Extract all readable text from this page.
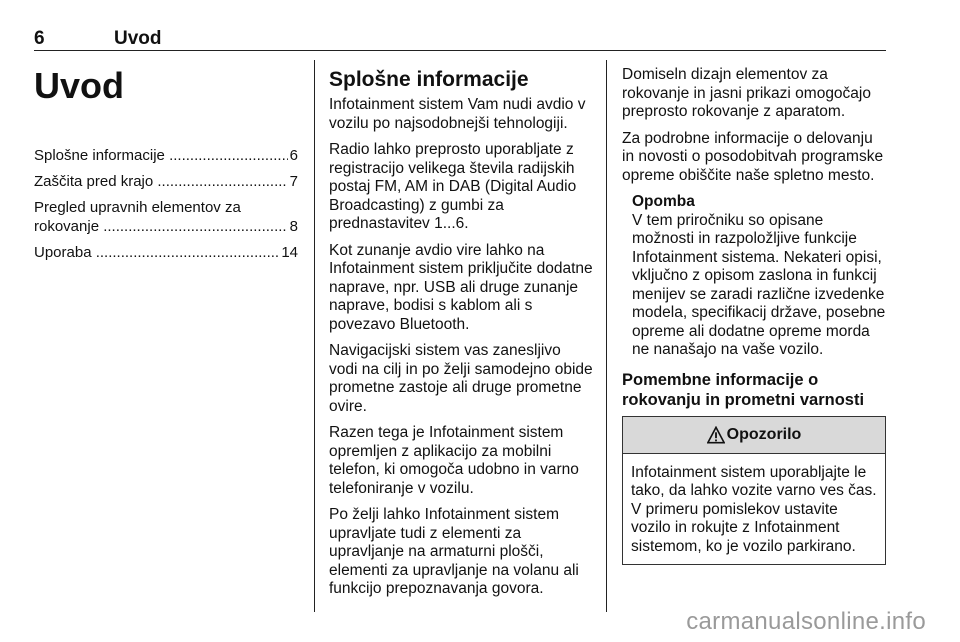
6	Uvod
Uvod
Splošne informacije .....	6
Zaščita pred krajo .....	7
Pregled upravnih elementov za
rokovanje .....	8
Uporaba .....	14
Splošne informacije

Infotainment sistem Vam nudi avdio v vozilu po najsodobnejši tehnologiji.

Radio lahko preprosto uporabljate z registracijo velikega števila radijskih postaj FM, AM in DAB (Digital Audio Broadcasting) z gumbi za prednastavitev 1...6.

Kot zunanje avdio vire lahko na Infotainment sistem priključite dodatne naprave, npr. USB ali druge zunanje naprave, bodisi s kablom ali s povezavo Bluetooth.

Navigacijski sistem vas zanesljivo vodi na cilj in po želji samodejno obide prometne zastoje ali druge prometne ovire.

Razen tega je Infotainment sistem opremljen z aplikacijo za mobilni telefon, ki omogoča udobno in varno telefoniranje v vozilu.

Po želji lahko Infotainment sistem upravljate tudi z elementi za upravljanje na armaturni plošči, elementi za upravljanje na volanu ali funkcijo prepoznavanja govora.

Domiseln dizajn elementov za rokovanje in jasni prikazi omogočajo preprosto rokovanje z aparatom.

Za podrobne informacije o delovanju in novosti o posodobitvah programske opreme obiščite naše spletno mesto.

Opomba

V tem priročniku so opisane možnosti in razpoložljive funkcije Infotainment sistema. Nekateri opisi, vključno z opisom zaslona in funkcij menijev se zaradi različne izvedenke modela, specifikacij države, posebne opreme ali dodatne opreme morda ne nanašajo na vaše vozilo.

Pomembne informacije o rokovanju in prometni varnosti
Opozorilo

Infotainment sistem uporabljajte le tako, da lahko vozite varno ves čas. V primeru pomislekov ustavite vozilo in rokujte z Infotainment sistemom, ko je vozilo parkirano.

carmanualsonline.info
